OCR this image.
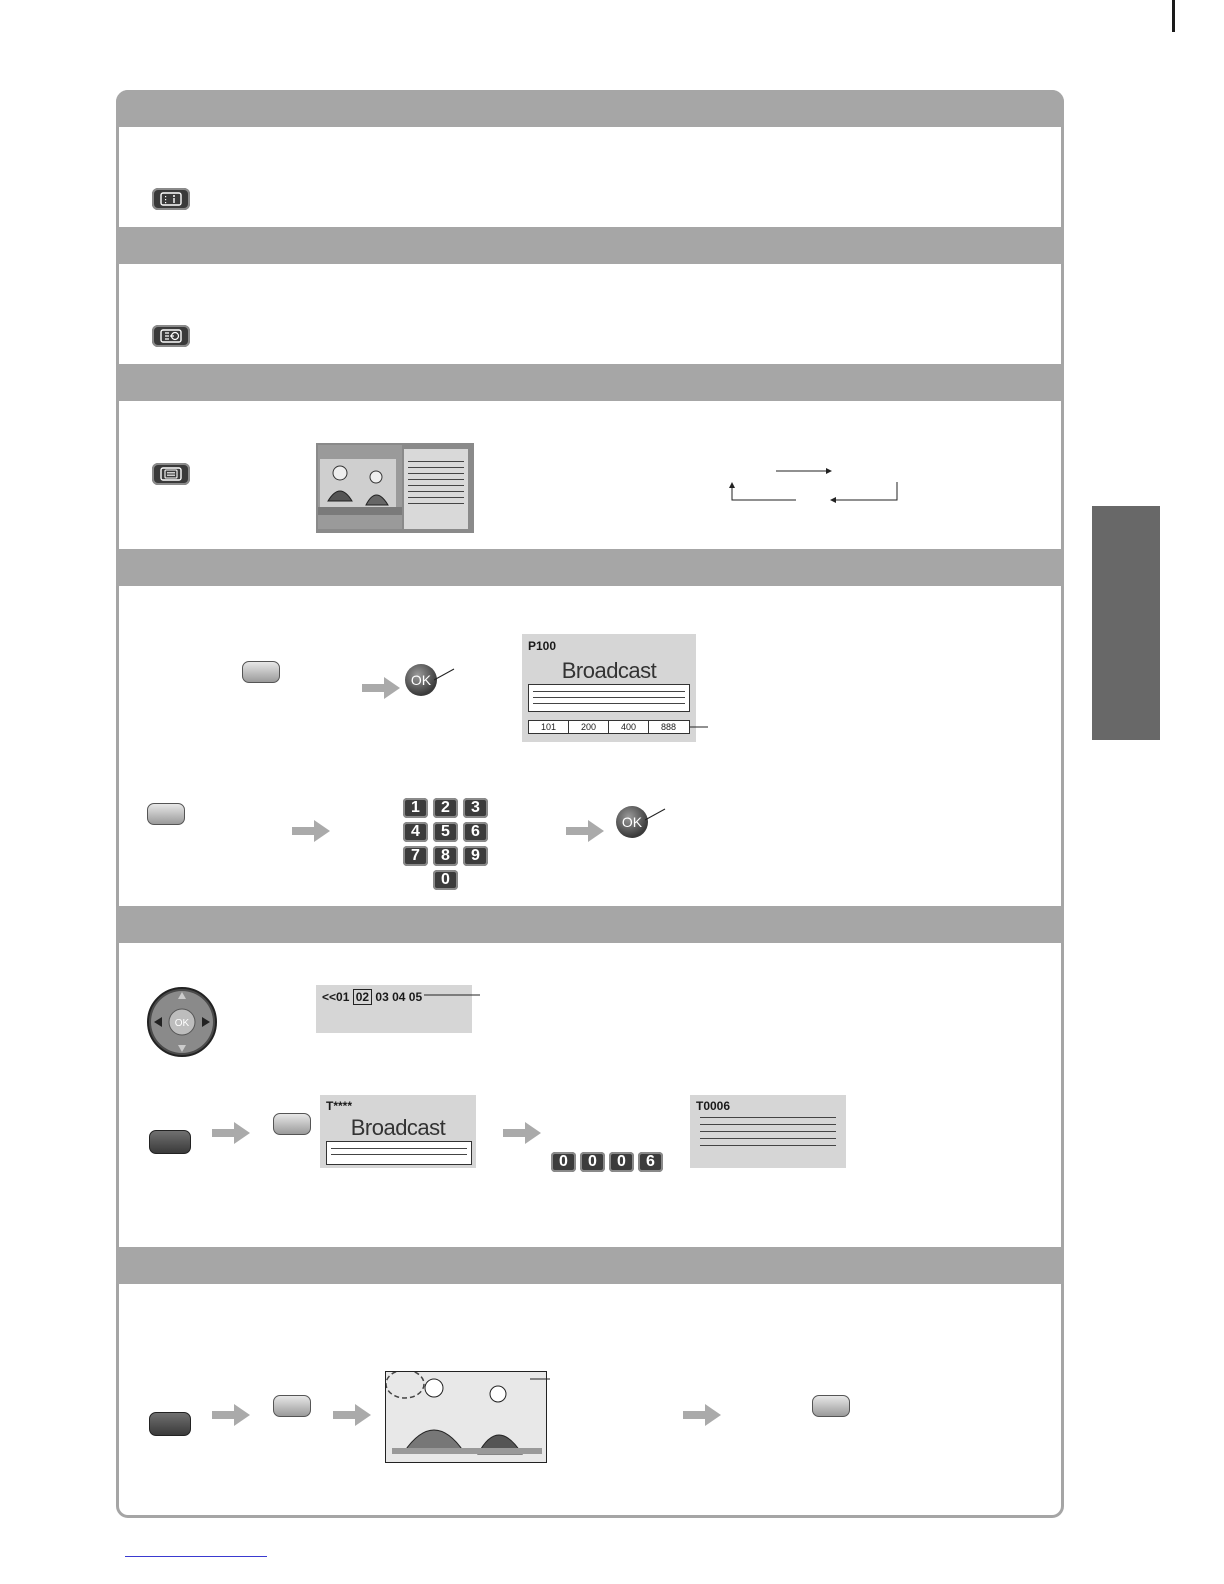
OK
P100
Broadcast
101	200	400	888
1	2	3
4	5	6
7	8	9
0
OK
OK
<<01 02 03 04 05
T****
Broadcast
0	0	0	6
T0006
